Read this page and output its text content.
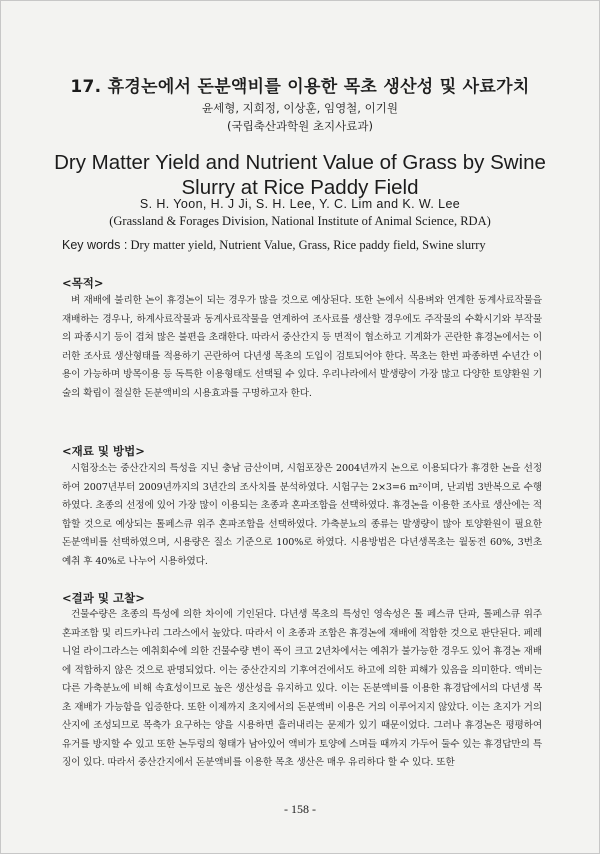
17. 휴경논에서 돈분액비를 이용한 목초 생산성 및 사료가치
윤세형, 지희정, 이상훈, 임영철, 이기원
(국립축산과학원 초지사료과)
Dry Matter Yield and Nutrient Value of Grass by Swine Slurry at Rice Paddy Field
S. H. Yoon, H. J Ji, S. H. Lee, Y. C. Lim and K. W. Lee
(Grassland & Forages Division, National Institute of Animal Science, RDA)
Key words : Dry matter yield, Nutrient Value, Grass, Rice paddy field, Swine slurry
<목적>
벼 재배에 불리한 논이 휴경논이 되는 경우가 많을 것으로 예상된다. 또한 논에서 식용벼와 연계한 동계사료작물을 재배하는 경우나, 하계사료작물과 동계사료작물을 연계하여 조사료를 생산할 경우에도 주작물의 수확시기와 부작물의 파종시기 등이 겹쳐 많은 불편을 초래한다. 따라서 중산간지 등 면적이 협소하고 기계화가 곤란한 휴경논에서는 이러한 조사료 생산형태를 적용하기 곤란하여 다년생 목초의 도입이 검토되어야 한다. 목초는 한번 파종하면 수년간 이용이 가능하며 방목이용 등 독특한 이용형태도 선택될 수 있다. 우리나라에서 발생량이 가장 많고 다양한 토양환원 기술의 확립이 절실한 돈분액비의 시용효과를 구명하고자 한다.
<재료 및 방법>
시험장소는 중산간지의 특성을 지닌 충남 금산이며, 시험포장은 2004년까지 논으로 이용되다가 휴경한 논을 선정하여 2007년부터 2009년까지의 3년간의 조사치를 분석하였다. 시험구는 2×3=6 m²이며, 난괴법 3반복으로 수행하였다. 초종의 선정에 있어 가장 많이 이용되는 초종과 혼파조합을 선택하였다. 휴경논을 이용한 조사료 생산에는 적합할 것으로 예상되는 톨페스큐 위주 혼파조합을 선택하였다. 가축분뇨의 종류는 발생량이 많아 토양환원이 필요한 돈분액비를 선택하였으며, 시용량은 질소 기준으로 100%로 하였다. 시용방법은 다년생목초는 월동전 60%, 3번초 예취 후 40%로 나누어 시용하였다.
<결과 및 고찰>
건물수량은 초종의 특성에 의한 차이에 기인된다. 다년생 목초의 특성인 영속성은 톨 페스큐 단파, 톨페스큐 위주 혼파조합 및 리드카나리 그라스에서 높았다. 따라서 이 초종과 조합은 휴경논에 재배에 적합한 것으로 판단된다. 페레니얼 라이그라스는 예취회수에 의한 건물수량 변이 폭이 크고 2년차에서는 예취가 불가능한 경우도 있어 휴경논 재배에 적합하지 않은 것으로 판명되었다. 이는 중산간지의 기후여건에서도 하고에 의한 피해가 있음을 의미한다. 액비는 다른 가축분뇨에 비해 속효성이므로 높은 생산성을 유지하고 있다. 이는 돈분액비를 이용한 휴경답에서의 다년생 목초 재배가 가능함을 입증한다. 또한 이제까지 초지에서의 돈분액비 이용은 거의 이루어지지 않았다. 이는 초지가 거의 산지에 조성되므로 목축가 요구하는 양을 시용하면 흘러내리는 문제가 있기 때문이었다. 그러나 휴경논은 평평하여 유거를 방지할 수 있고 또한 논두렁의 형태가 남아있어 액비가 토양에 스며들 때까지 가두어 둘수 있는 휴경답만의 특징이 있다. 따라서 중산간지에서 돈분액비를 이용한 목초 생산은 매우 유리하다 할 수 있다. 또한
- 158 -
